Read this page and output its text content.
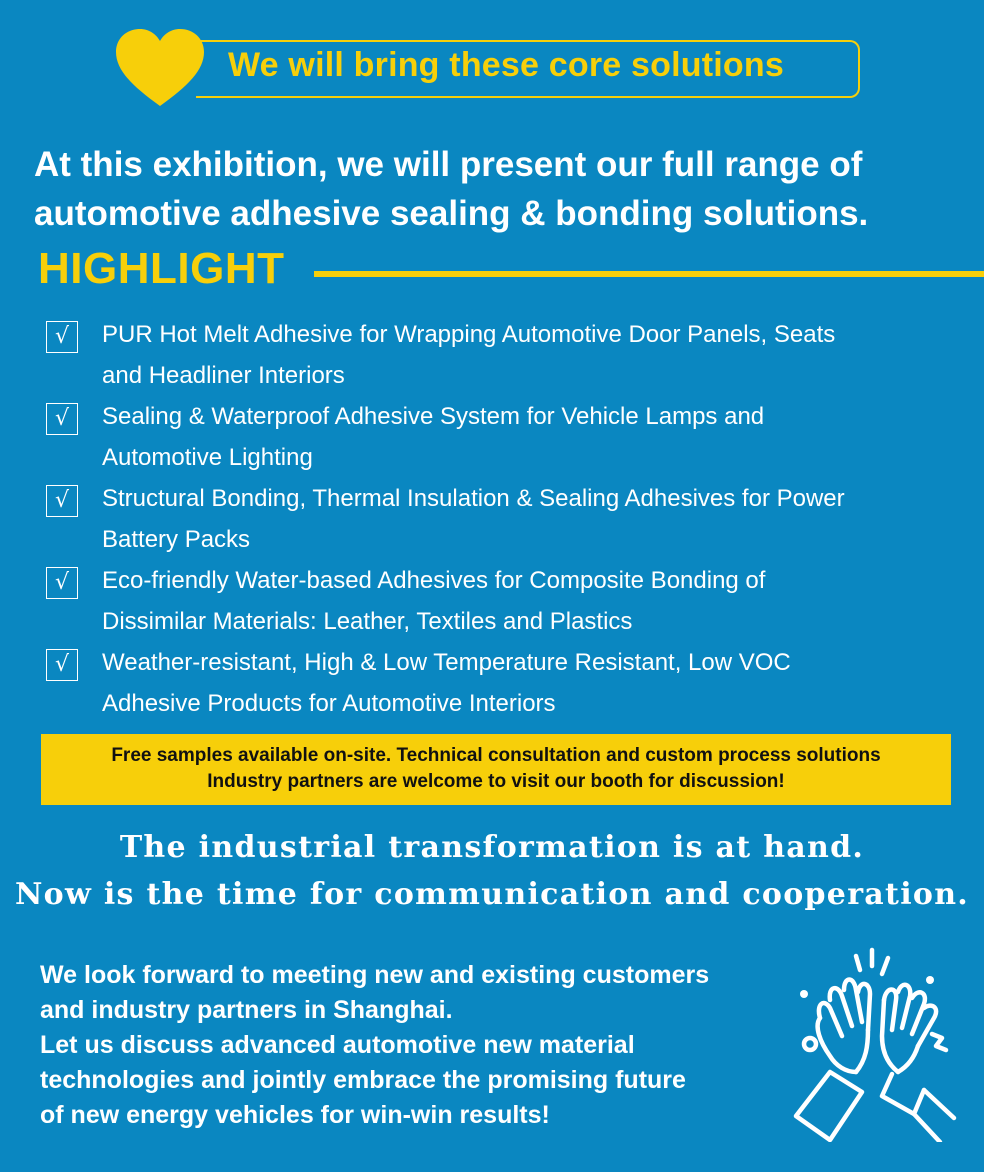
We will bring these core solutions
At this exhibition, we will present our full range of
automotive adhesive sealing & bonding solutions.
HIGHLIGHT
√	PUR Hot Melt Adhesive for Wrapping Automotive Door Panels, Seats
and Headliner Interiors
√	Sealing & Waterproof Adhesive System for Vehicle Lamps and
Automotive Lighting
√	Structural Bonding, Thermal Insulation & Sealing Adhesives for Power
Battery Packs
√	Eco-friendly Water-based Adhesives for Composite Bonding of
Dissimilar Materials: Leather, Textiles and Plastics
√	Weather-resistant, High & Low Temperature Resistant, Low VOC
Adhesive Products for Automotive Interiors
Free samples available on-site. Technical consultation and custom process solutions
Industry partners are welcome to visit our booth for discussion!
The industrial transformation is at hand.
Now is the time for communication and cooperation.
We look forward to meeting new and existing customers
and industry partners in Shanghai.
Let us discuss advanced automotive new material
technologies and jointly embrace the promising future
of new energy vehicles for win-win results!
